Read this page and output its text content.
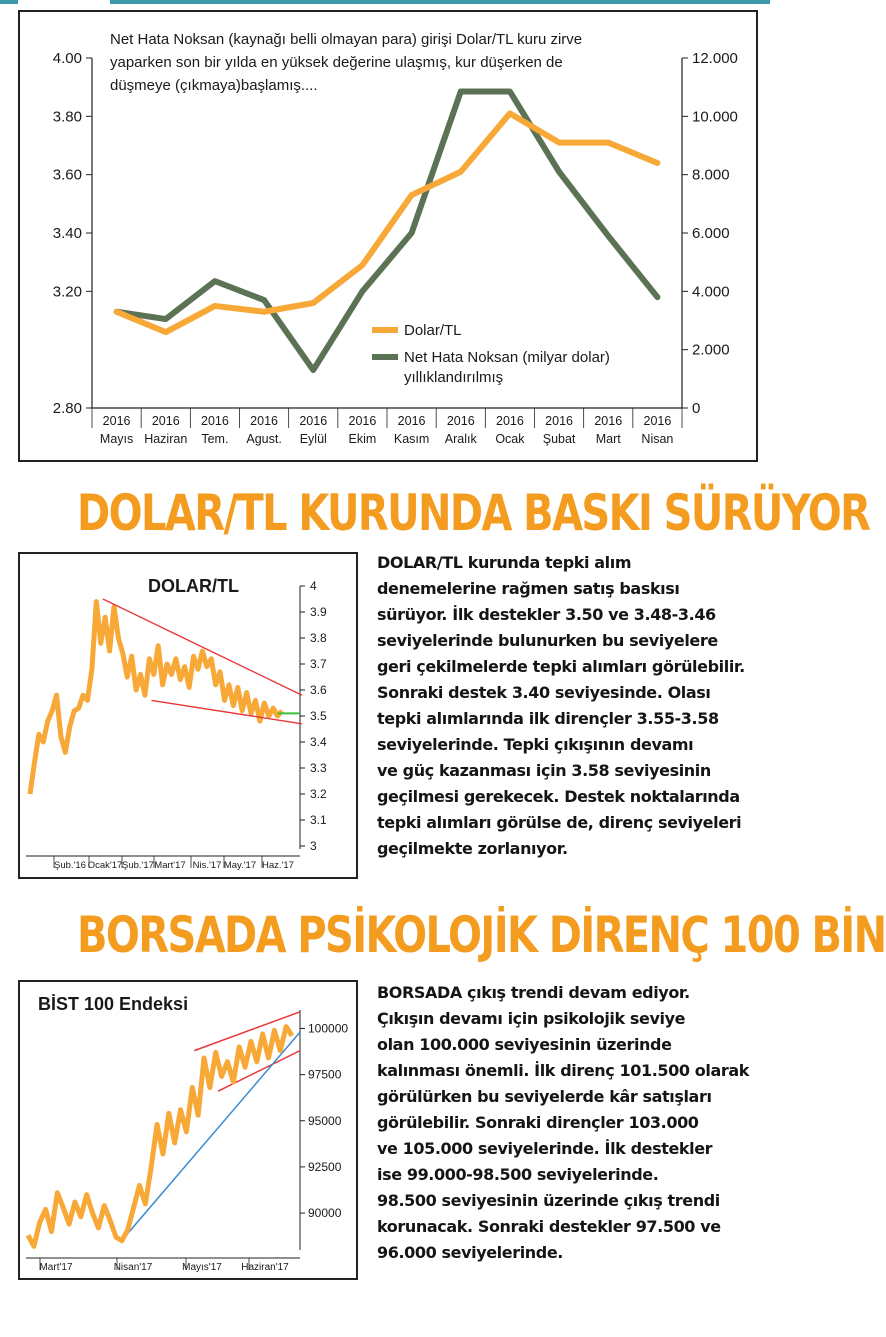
2.80
3.20
3.40
3.60
3.80
4.00
0
2.000
4.000
6.000
8.000
10.000
12.000
2016
Mayıs
2016
Haziran
2016
Tem.
2016
Agust.
2016
Eylül
2016
Ekim
2016
Kasım
2016
Aralık
2016
Ocak
2016
Şubat
2016
Mart
2016
Nisan
Net Hata Noksan (kaynağı belli olmayan para) girişi Dolar/TL kuru zirve
yaparken son bir yılda en yüksek değerine ulaşmış, kur düşerken de
düşmeye (çıkmaya)başlamış....
Dolar/TL
Net Hata Noksan (milyar dolar)
yıllıklandırılmış
DOLAR/TL KURUNDA BASKI SÜRÜYOR
DOLAR/TL
3
3.1
3.2
3.3
3.4
3.5
3.6
3.7
3.8
3.9
4
Şub.'16 Ocak'17 Şub.'17 Mart'17 Nis.'17 May.'17 Haz.'17

DOLAR/TL kurunda tepki alım

denemelerine rağmen satış baskısı

sürüyor. İlk destekler 3.50 ve 3.48-3.46

seviyelerinde bulunurken bu seviyelere

geri çekilmelerde tepki alımları görülebilir.

Sonraki destek 3.40 seviyesinde. Olası

tepki alımlarında ilk dirençler 3.55-3.58

seviyelerinde. Tepki çıkışının devamı

ve güç kazanması için 3.58 seviyesinin

geçilmesi gerekecek. Destek noktalarında

tepki alımları görülse de, direnç seviyeleri

geçilmekte zorlanıyor.

BORSADA PSİKOLOJİK DİRENÇ 100 BİN
BİST 100 Endeksi
90000
92500
95000
97500
100000
Mart'17	Nisan'17	Mayıs'17 Haziran'17

BORSADA çıkış trendi devam ediyor.

Çıkışın devamı için psikolojik seviye

olan 100.000 seviyesinin üzerinde

kalınması önemli. İlk direnç 101.500 olarak

görülürken bu seviyelerde kâr satışları

görülebilir. Sonraki dirençler 103.000

ve 105.000 seviyelerinde. İlk destekler

ise 99.000-98.500 seviyelerinde.

98.500 seviyesinin üzerinde çıkış trendi

korunacak. Sonraki destekler 97.500 ve

96.000 seviyelerinde.
